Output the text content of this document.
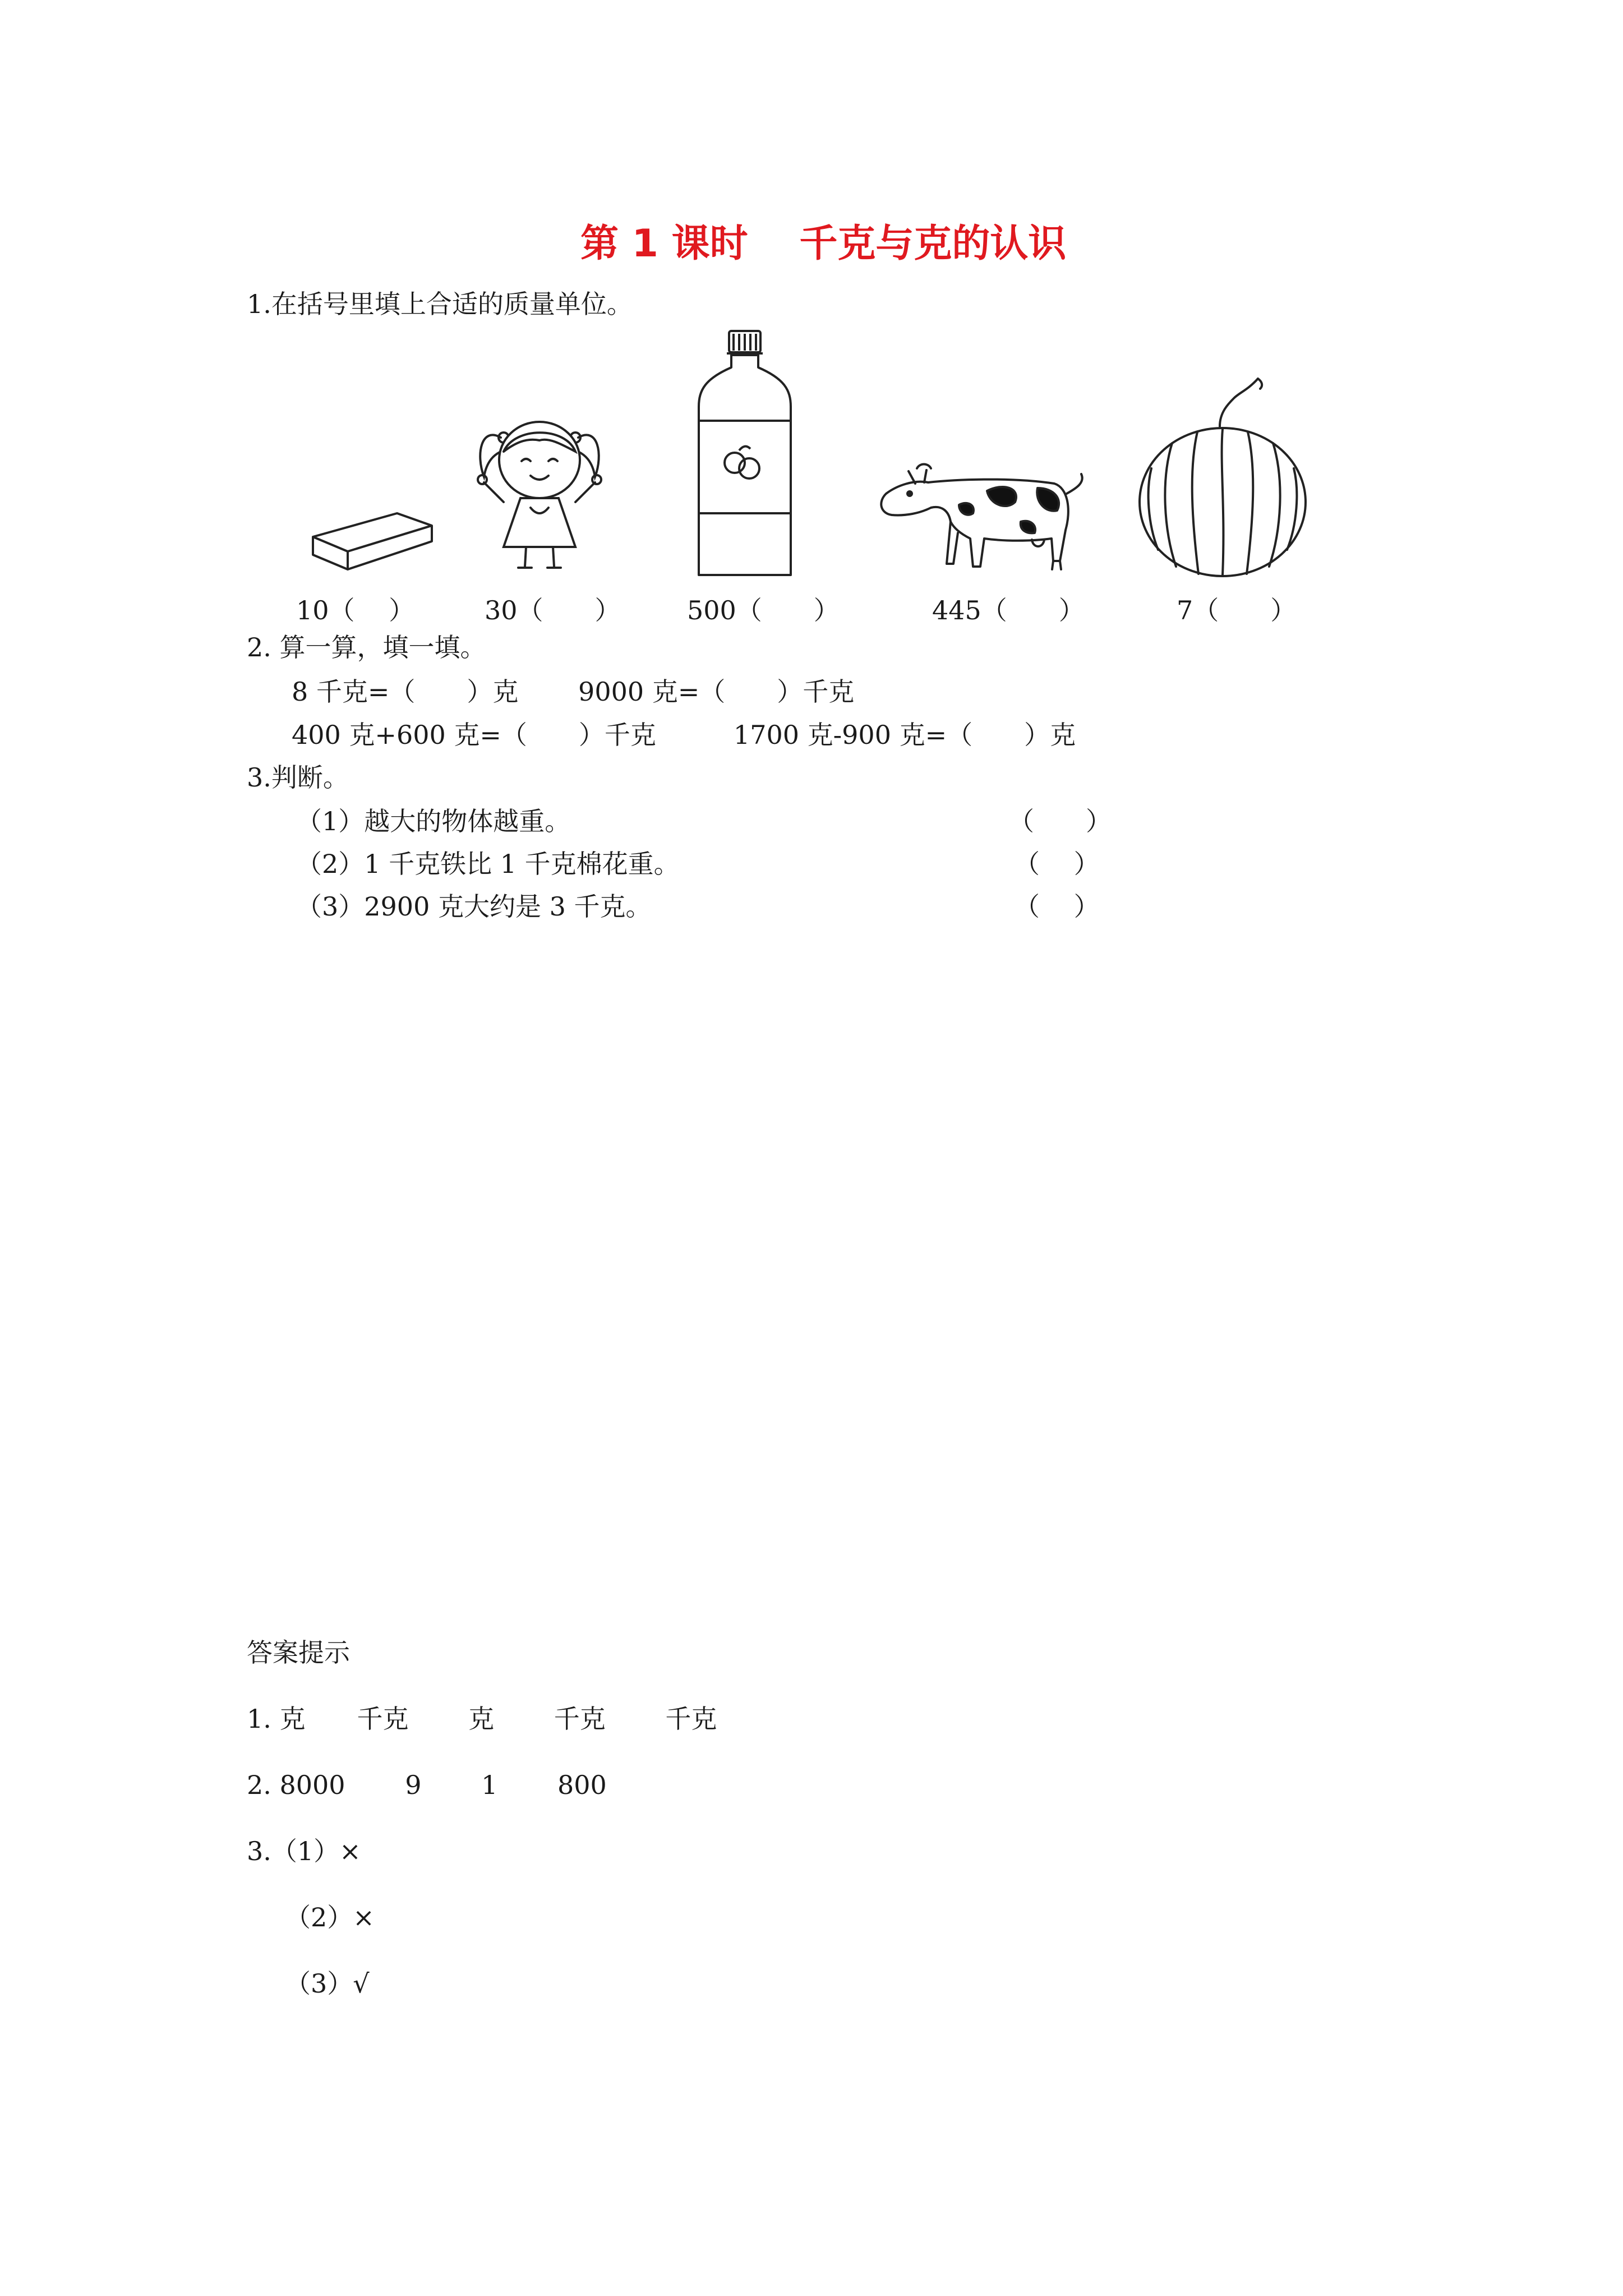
第 1 课时　 千克与克的认识
1.在括号里填上合适的质量单位。
10（　 ）	30（　　）	500（　　）	445（　　）	7（　　）
2. 算一算，填一填。
8 千克=（　　）克　　 9000 克=（　　）千克
400 克+600 克=（　　）千克　　　1700 克-900 克=（　　）克
3.判断。
（1）越大的物体越重。	（　　）
（2）1 千克铁比 1 千克棉花重。	（　 ）
（3）2900 克大约是 3 千克。	（　 ）
答案提示
1. 克　　千克　　 克　　 千克　　 千克
2. 8000　　 9　　 1　　 800
3.（1）×
（2）×
（3）√
